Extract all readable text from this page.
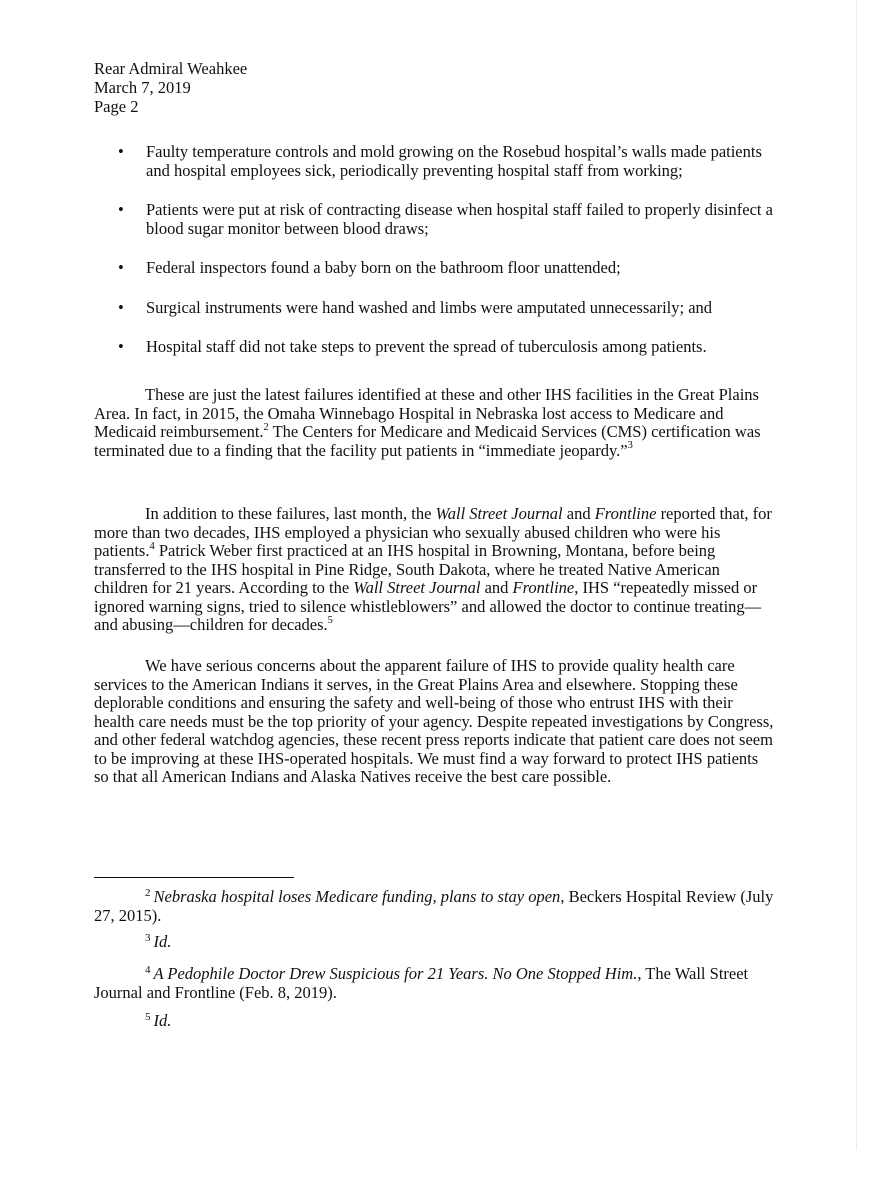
Rear Admiral Weahkee
March 7, 2019
Page 2
• Faulty temperature controls and mold growing on the Rosebud hospital’s walls made patients and hospital employees sick, periodically preventing hospital staff from working;
• Patients were put at risk of contracting disease when hospital staff failed to properly disinfect a blood sugar monitor between blood draws;
• Federal inspectors found a baby born on the bathroom floor unattended;
• Surgical instruments were hand washed and limbs were amputated unnecessarily; and
• Hospital staff did not take steps to prevent the spread of tuberculosis among patients.
These are just the latest failures identified at these and other IHS facilities in the Great Plains Area. In fact, in 2015, the Omaha Winnebago Hospital in Nebraska lost access to Medicare and Medicaid reimbursement.$^2$ The Centers for Medicare and Medicaid Services (CMS) certification was terminated due to a finding that the facility put patients in “immediate jeopardy.”$^3$
In addition to these failures, last month, the Wall Street Journal and Frontline reported that, for more than two decades, IHS employed a physician who sexually abused children who were his patients.$^4$ Patrick Weber first practiced at an IHS hospital in Browning, Montana, before being transferred to the IHS hospital in Pine Ridge, South Dakota, where he treated Native American children for 21 years. According to the Wall Street Journal and Frontline, IHS “repeatedly missed or ignored warning signs, tried to silence whistleblowers” and allowed the doctor to continue treating—and abusing—children for decades.$^5$
We have serious concerns about the apparent failure of IHS to provide quality health care services to the American Indians it serves, in the Great Plains Area and elsewhere. Stopping these deplorable conditions and ensuring the safety and well-being of those who entrust IHS with their health care needs must be the top priority of your agency. Despite repeated investigations by Congress, and other federal watchdog agencies, these recent press reports indicate that patient care does not seem to be improving at these IHS-operated hospitals. We must find a way forward to protect IHS patients so that all American Indians and Alaska Natives receive the best care possible.
$^2$ Nebraska hospital loses Medicare funding, plans to stay open, Beckers Hospital Review (July 27, 2015).
$^3$ Id.
$^4$ A Pedophile Doctor Drew Suspicious for 21 Years. No One Stopped Him., The Wall Street Journal and Frontline (Feb. 8, 2019).
$^5$ Id.
